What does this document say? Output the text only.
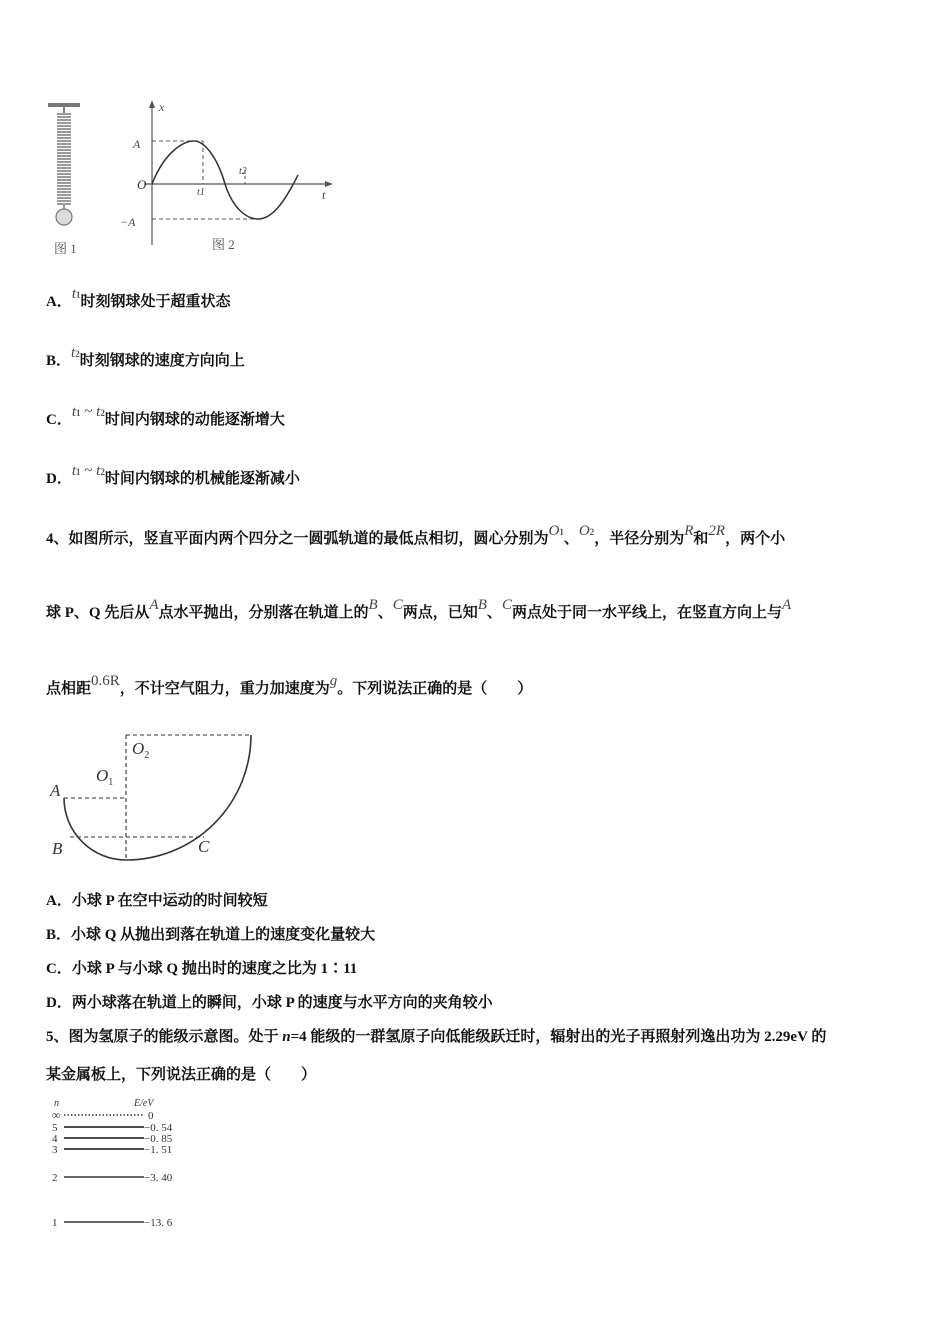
图 1
x
t
A
−A
O
t1
t2
图 2
A．$t^1$时刻钢球处于超重状态
B．$t^2$时刻钢球的速度方向向上
C．$t^1$ ~ $t^2$时间内钢球的动能逐渐增大
D．$t^1$ ~ $t^2$时间内钢球的机械能逐渐减小
4、如图所示，竖直平面内两个四分之一圆弧轨道的最低点相切，圆心分别为$O^1$、$O^2$，半径分别为R和2R，两个小
球 P、Q 先后从A点水平抛出，分别落在轨道上的B、C两点，已知B、C两点处于同一水平线上，在竖直方向上与A
点相距0.6R，不计空气阻力，重力加速度为g。下列说法正确的是（　　）
A
B	C
$O_1$
$O_2$
A．小球 P 在空中运动的时间较短
B．小球 Q 从抛出到落在轨道上的速度变化量较大
C．小球 P 与小球 Q 抛出时的速度之比为 1∶11
D．两小球落在轨道上的瞬间，小球 P 的速度与水平方向的夹角较小
5、图为氢原子的能级示意图。处于 n=4 能级的一群氢原子向低能级跃迁时，辐射出的光子再照射列逸出功为 2.29eV 的
某金属板上，下列说法正确的是（　　）
n	E/eV
∞	0
5	−0. 54
4	−0. 85
3	−1. 51
2	−3. 40
1	−13. 6
